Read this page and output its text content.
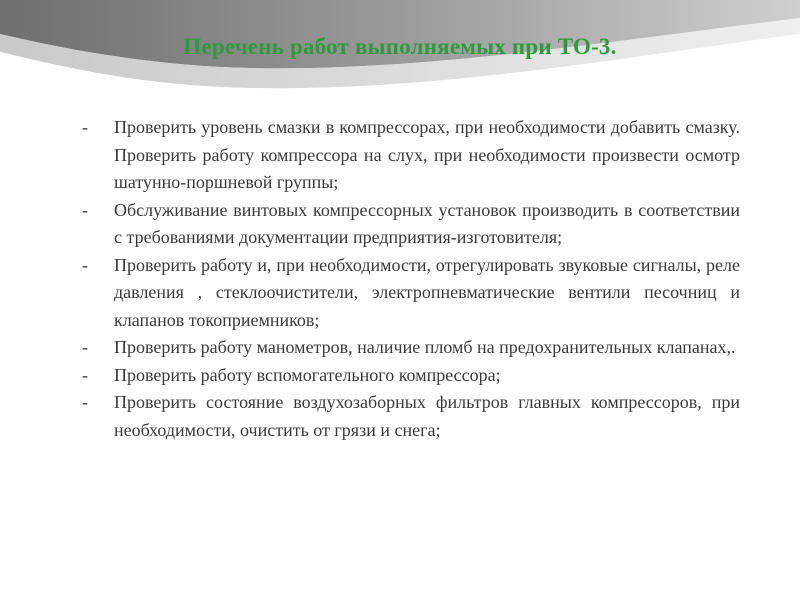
Перечень работ выполняемых при ТО-3.
-	Проверить уровень смазки в компрессорах, при необходимости добавить смазку. Проверить работу компрессора на слух, при необходимости произвести осмотр шатунно-поршневой группы;
-	Обслуживание винтовых компрессорных установок производить в соответствии с требованиями документации предприятия-изготовителя;
-	Проверить работу и, при необходимости, отрегулировать звуковые сигналы, реле давления , стеклоочистители, электропневматические вентили песочниц и клапанов токоприемников;
-	Проверить работу манометров, наличие пломб на предохранительных клапанах,.
-	Проверить работу вспомогательного компрессора;
-	Проверить состояние воздухозаборных фильтров главных компрессоров, при необходимости, очистить от грязи и снега;
